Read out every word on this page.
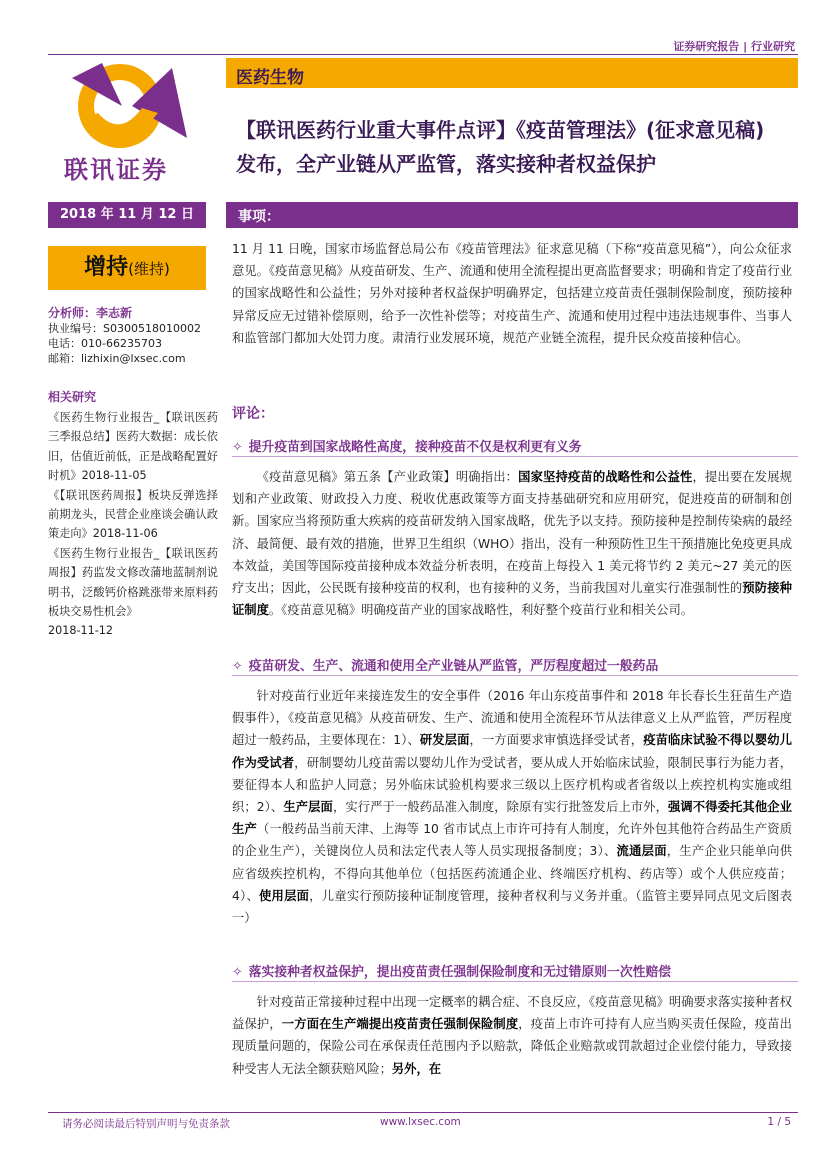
证券研究报告 | 行业研究
联讯证券
医药生物
【联讯医药行业重大事件点评】《疫苗管理法》(征求意见稿)
发布，全产业链从严监管，落实接种者权益保护
2018 年 11 月 12 日	事项：
增持(维持)
分析师：李志新
执业编号：S0300518010002
电话：010-66235703
邮箱：lizhixin@lxsec.com
相关研究

《医药生物行业报告_【联讯医药三季报总结】医药大数据：成长依旧，估值近前低，正是战略配置好时机》2018-11-05

《【联讯医药周报】板块反弹选择前期龙头，民营企业座谈会确认政策走向》2018-11-06

《医药生物行业报告_【联讯医药周报】药监发文修改蒲地蓝制剂说明书，泛酸钙价格跳涨带来原料药板块交易性机会》

2018-11-12

11 月 11 日晚，国家市场监督总局公布《疫苗管理法》征求意见稿（下称“疫苗意见稿”），向公众征求意见。《疫苗意见稿》从疫苗研发、生产、流通和使用全流程提出更高监督要求；明确和肯定了疫苗行业的国家战略性和公益性；另外对接种者权益保护明确界定，包括建立疫苗责任强制保险制度，预防接种异常反应无过错补偿原则，给予一次性补偿等；对疫苗生产、流通和使用过程中违法违规事件、当事人和监管部门都加大处罚力度。肃清行业发展环境，规范产业链全流程，提升民众疫苗接种信心。

评论：
✧ 提升疫苗到国家战略性高度，接种疫苗不仅是权利更有义务

《疫苗意见稿》第五条【产业政策】明确指出：国家坚持疫苗的战略性和公益性，提出要在发展规划和产业政策、财政投入力度、税收优惠政策等方面支持基础研究和应用研究，促进疫苗的研制和创新。国家应当将预防重大疾病的疫苗研发纳入国家战略，优先予以支持。预防接种是控制传染病的最经济、最简便、最有效的措施，世界卫生组织（WHO）指出，没有一种预防性卫生干预措施比免疫更具成本效益，美国等国际疫苗接种成本效益分析表明，在疫苗上每投入 1 美元将节约 2 美元~27 美元的医疗支出；因此，公民既有接种疫苗的权利，也有接种的义务，当前我国对儿童实行准强制性的预防接种证制度。《疫苗意见稿》明确疫苗产业的国家战略性，利好整个疫苗行业和相关公司。

✧ 疫苗研发、生产、流通和使用全产业链从严监管，严厉程度超过一般药品

针对疫苗行业近年来接连发生的安全事件（2016 年山东疫苗事件和 2018 年长春长生狂苗生产造假事件），《疫苗意见稿》从疫苗研发、生产、流通和使用全流程环节从法律意义上从严监管，严厉程度超过一般药品，主要体现在：1）、研发层面，一方面要求审慎选择受试者，疫苗临床试验不得以婴幼儿作为受试者，研制婴幼儿疫苗需以婴幼儿作为受试者，要从成人开始临床试验，限制民事行为能力者，要征得本人和监护人同意；另外临床试验机构要求三级以上医疗机构或者省级以上疾控机构实施或组织；2）、生产层面，实行严于一般药品准入制度，除原有实行批签发后上市外，强调不得委托其他企业生产（一般药品当前天津、上海等 10 省市试点上市许可持有人制度，允许外包其他符合药品生产资质的企业生产），关键岗位人员和法定代表人等人员实现报备制度；3）、流通层面，生产企业只能单向供应省级疾控机构，不得向其他单位（包括医药流通企业、终端医疗机构、药店等）或个人供应疫苗；4）、使用层面，儿童实行预防接种证制度管理，接种者权利与义务并重。（监管主要异同点见文后图表一）

✧ 落实接种者权益保护，提出疫苗责任强制保险制度和无过错原则一次性赔偿

针对疫苗正常接种过程中出现一定概率的耦合症、不良反应，《疫苗意见稿》明确要求落实接种者权益保护，一方面在生产端提出疫苗责任强制保险制度，疫苗上市许可持有人应当购买责任保险，疫苗出现质量问题的，保险公司在承保责任范围内予以赔款，降低企业赔款或罚款超过企业偿付能力，导致接种受害人无法全额获赔风险；另外，在

请务必阅读最后特别声明与免责条款	www.lxsec.com	1 / 5
